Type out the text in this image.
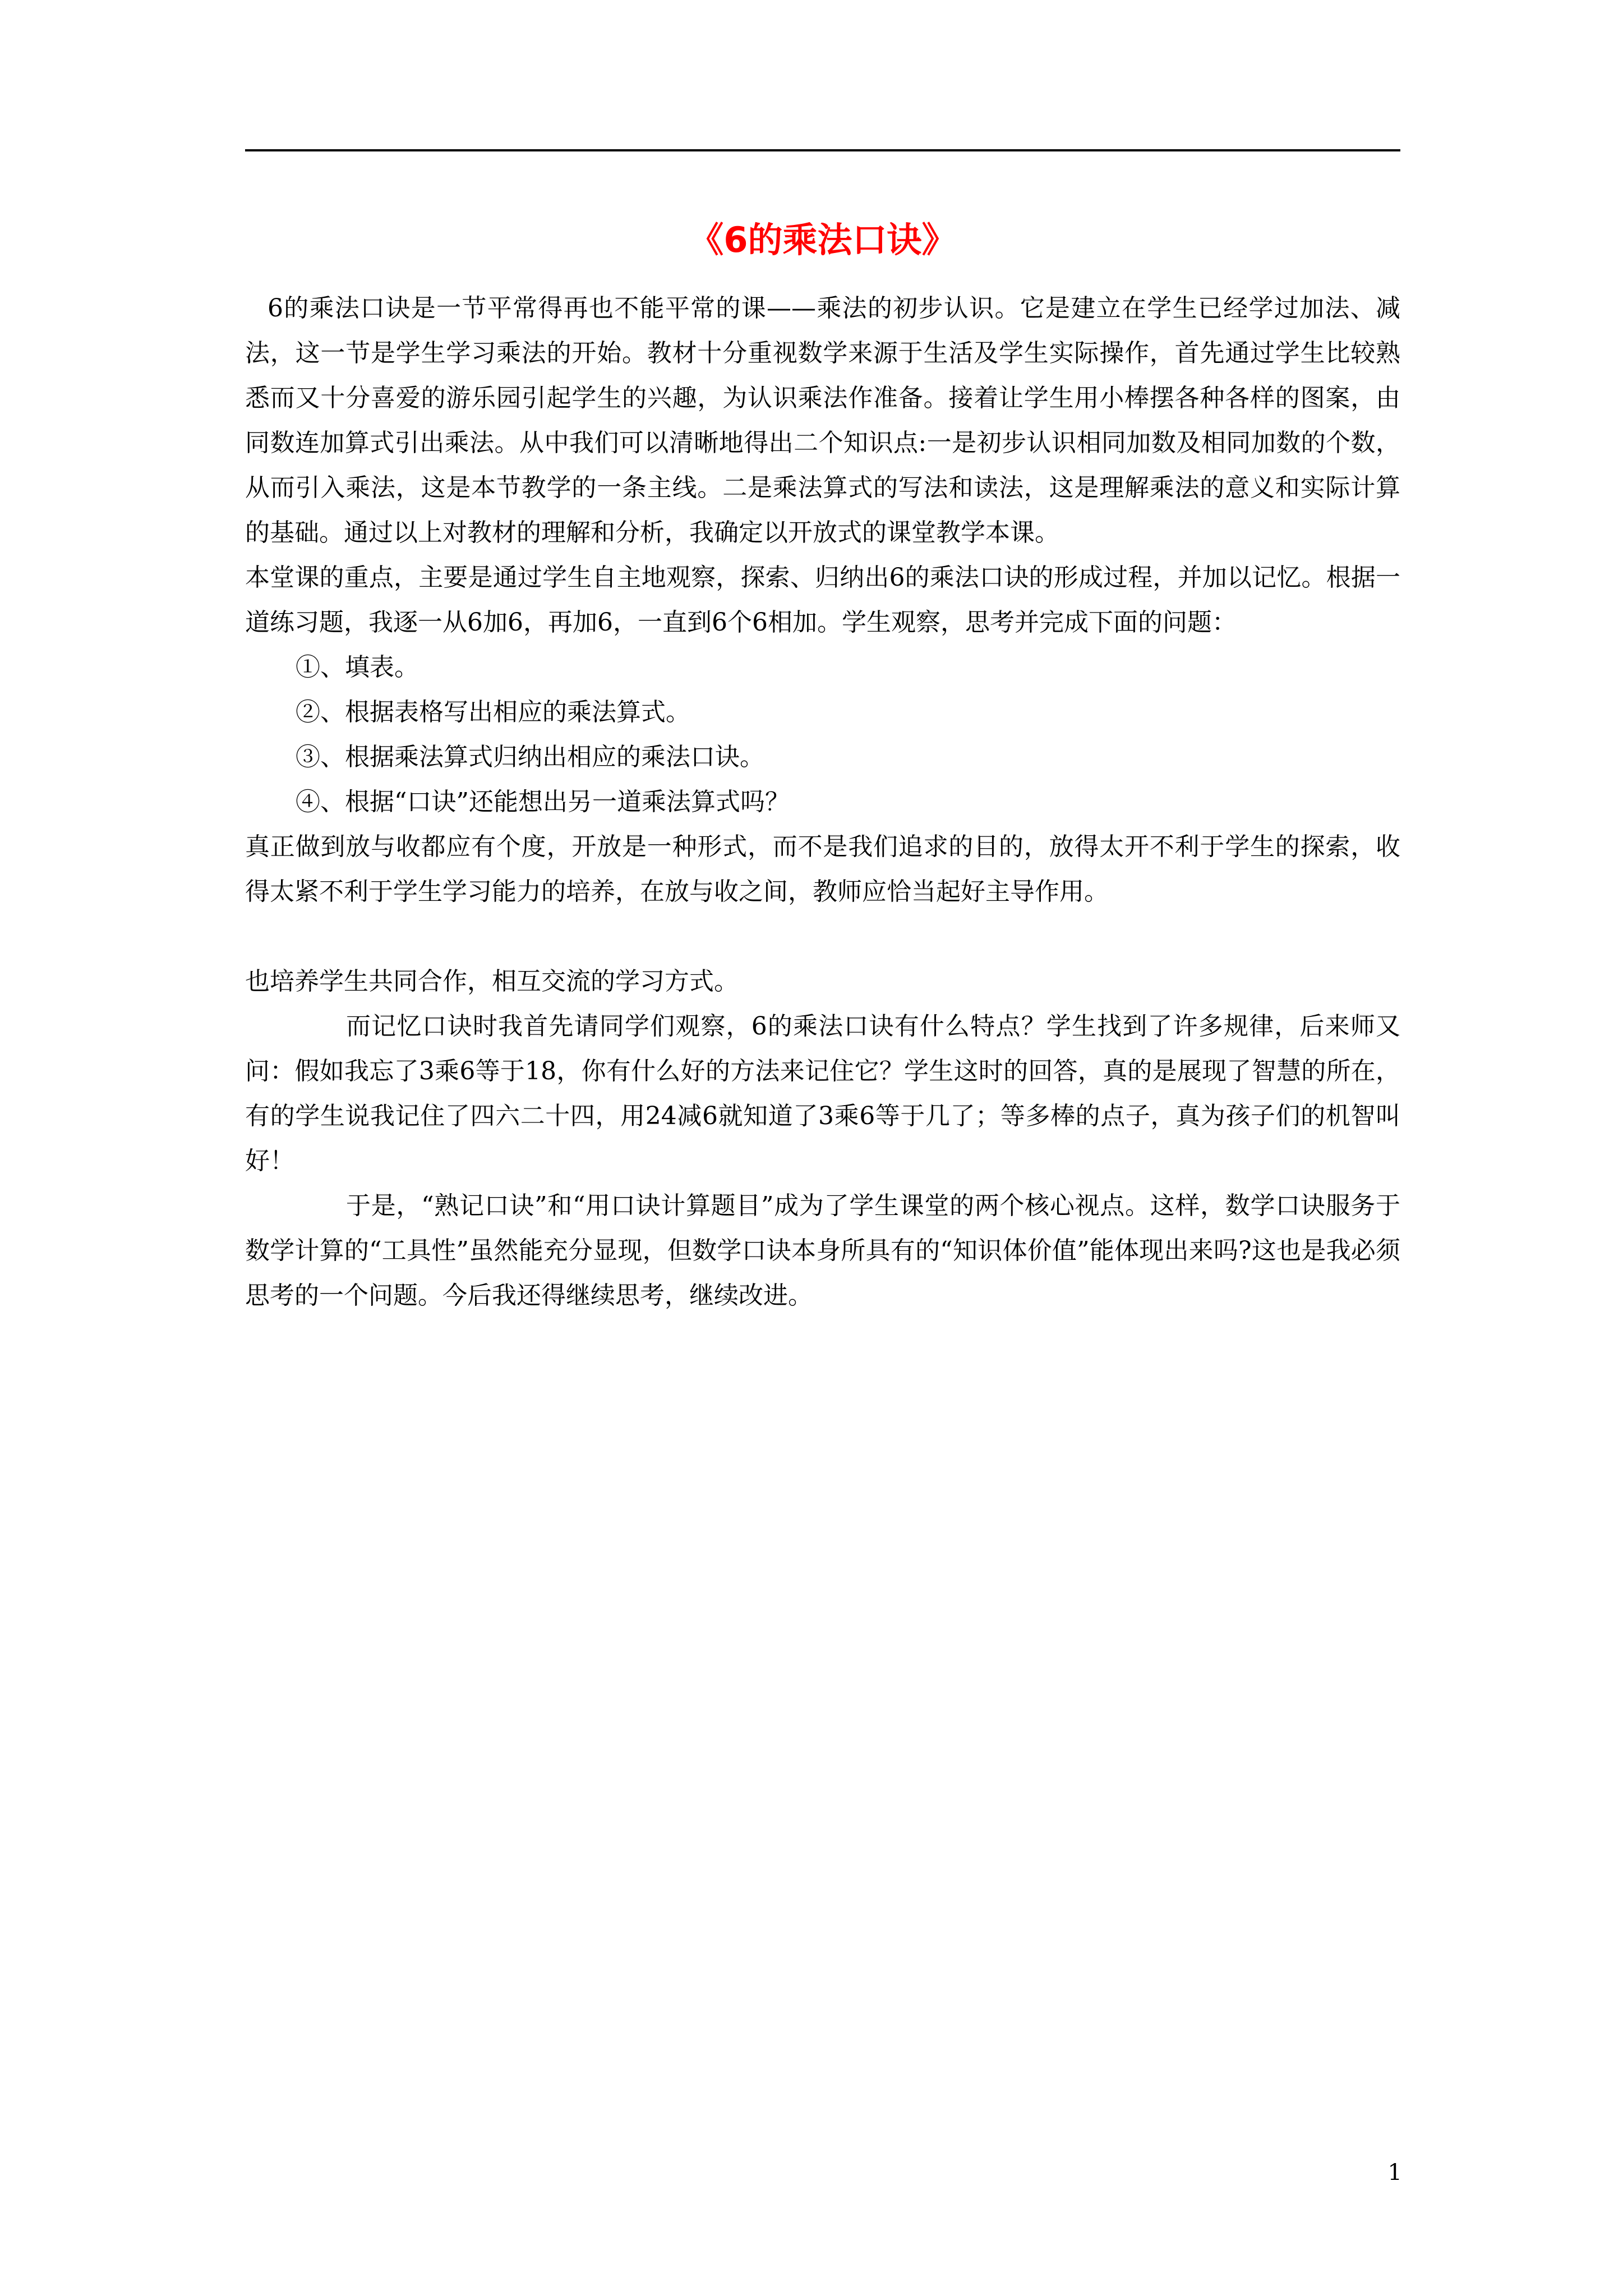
《6的乘法口诀》

6的乘法口诀是一节平常得再也不能平常的课——乘法的初步认识。它是建立在学生已经学过加法、减法，这一节是学生学习乘法的开始。教材十分重视数学来源于生活及学生实际操作，首先通过学生比较熟悉而又十分喜爱的游乐园引起学生的兴趣，为认识乘法作准备。接着让学生用小棒摆各种各样的图案，由同数连加算式引出乘法。从中我们可以清晰地得出二个知识点:一是初步认识相同加数及相同加数的个数，从而引入乘法，这是本节教学的一条主线。二是乘法算式的写法和读法，这是理解乘法的意义和实际计算的基础。通过以上对教材的理解和分析，我确定以开放式的课堂教学本课。

本堂课的重点，主要是通过学生自主地观察，探索、归纳出6的乘法口诀的形成过程，并加以记忆。根据一道练习题，我逐一从6加6，再加6，一直到6个6相加。学生观察，思考并完成下面的问题：

①、填表。

②、根据表格写出相应的乘法算式。

③、根据乘法算式归纳出相应的乘法口诀。

④、根据“口诀”还能想出另一道乘法算式吗？

真正做到放与收都应有个度，开放是一种形式，而不是我们追求的目的，放得太开不利于学生的探索，收得太紧不利于学生学习能力的培养，在放与收之间，教师应恰当起好主导作用。

也培养学生共同合作，相互交流的学习方式。

而记忆口诀时我首先请同学们观察，6的乘法口诀有什么特点？学生找到了许多规律，后来师又问：假如我忘了3乘6等于18，你有什么好的方法来记住它？学生这时的回答，真的是展现了智慧的所在，有的学生说我记住了四六二十四，用24减6就知道了3乘6等于几了；等多棒的点子，真为孩子们的机智叫好！

于是，“熟记口诀”和“用口诀计算题目”成为了学生课堂的两个核心视点。这样，数学口诀服务于数学计算的“工具性”虽然能充分显现，但数学口诀本身所具有的“知识体价值”能体现出来吗?这也是我必须思考的一个问题。今后我还得继续思考，继续改进。

1
